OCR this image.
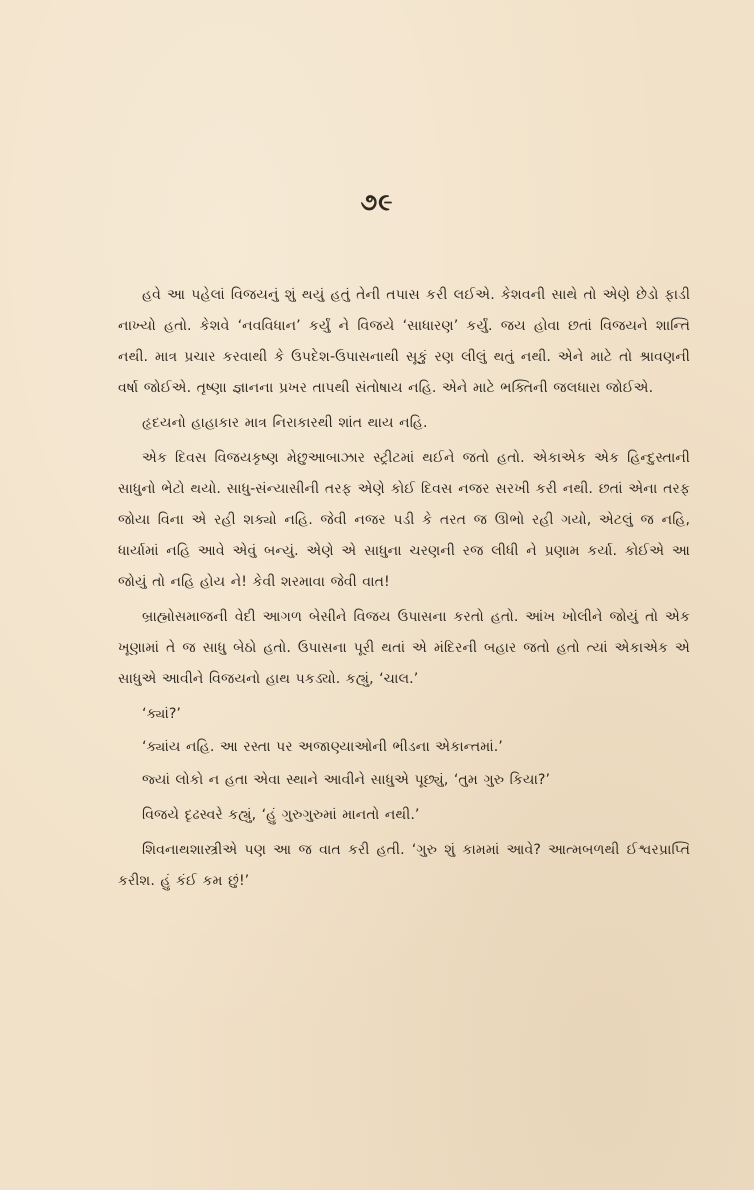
૭૯

હવે આ પહેલાં વિજયનું શું થયું હતું તેની તપાસ કરી લઈએ. કેશવની સાથે તો એણે છેડો ફાડી નાખ્યો હતો. કેશવે ‘નવવિધાન’ કર્યું ને વિજયે ‘સાધારણ’ કર્યું. જય હોવા છતાં વિજયને શાન્તિ નથી. માત્ર પ્રચાર કરવાથી કે ઉપદેશ-ઉપાસનાથી સૂકું રણ લીલું થતું નથી. એને માટે તો શ્રાવણની વર્ષા જોઈએ. તૃષ્ણા જ્ઞાનના પ્રખર તાપથી સંતોષાય નહિ. એને માટે ભક્તિની જલધારા જોઈએ.

હૃદયનો હાહાકાર માત્ર નિરાકારથી શાંત થાય નહિ.

એક દિવસ વિજયકૃષ્ણ મેછુઆબાઝાર સ્ટ્રીટમાં થઈને જતો હતો. એકાએક એક હિન્દુસ્તાની સાધુનો ભેટો થયો. સાધુ-સંન્યાસીની તરફ એણે કોઈ દિવસ નજર સરખી કરી નથી. છતાં એના તરફ જોયા વિના એ રહી શક્યો નહિ. જેવી નજર પડી કે તરત જ ઊભો રહી ગયો, એટલું જ નહિ, ધાર્યામાં નહિ આવે એવું બન્યું. એણે એ સાધુના ચરણની રજ લીધી ને પ્રણામ કર્યા. કોઈએ આ જોયું તો નહિ હોય ને! કેવી શરમાવા જેવી વાત!

બ્રાહ્મોસમાજની વેદી આગળ બેસીને વિજય ઉપાસના કરતો હતો. આંખ ખોલીને જોયું તો એક ખૂણામાં તે જ સાધુ બેઠો હતો. ઉપાસના પૂરી થતાં એ મંદિરની બહાર જતો હતો ત્યાં એકાએક એ સાધુએ આવીને વિજયનો હાથ પકડ્યો. કહ્યું, ‘ચાલ.’

‘ક્યાં?’

‘ક્યાંય નહિ. આ રસ્તા પર અજાણ્યાઓની ભીડના એકાન્તમાં.’

જ્યાં લોકો ન હતા એવા સ્થાને આવીને સાધુએ પૂછ્યું, ‘તુમ ગુરુ કિયા?’

વિજયે દૃઢસ્વરે કહ્યું, ‘હું ગુરુગુરુમાં માનતો નથી.’

શિવનાથશાસ્ત્રીએ પણ આ જ વાત કરી હતી. ‘ગુરુ શું કામમાં આવે? આત્મબળથી ઈશ્વરપ્રાપ્તિ કરીશ. હું કંઈ કમ છું!’
